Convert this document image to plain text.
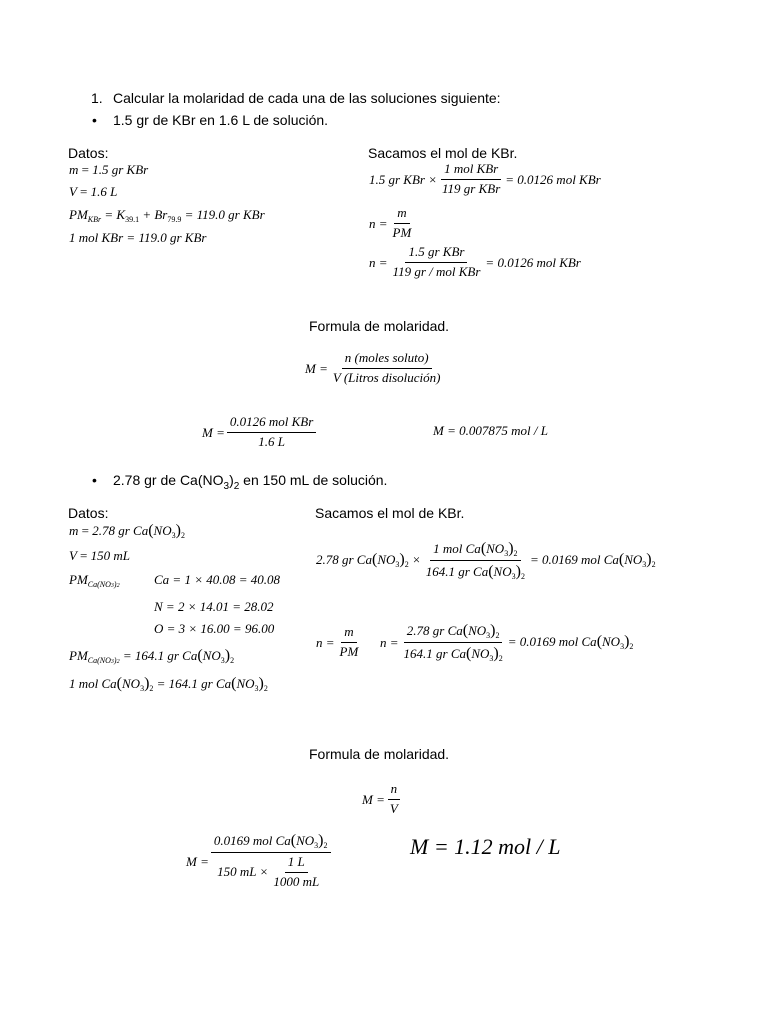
1. Calcular la molaridad de cada una de las soluciones siguiente:
• 1.5 gr de KBr en 1.6 L de solución.
Datos:
m = 1.5 gr KBr
V = 1.6 L
$PM_{KBr} = K_{39.1} + Br_{79.9} = 119.0$ gr KBr
1 mol KBr = 119.0 gr KBr
Sacamos el mol de KBr.
1.5 gr KBr × $\frac{\text{1 mol KBr}}{\text{119 gr KBr}} = 0.0126$ mol KBr
$n = \frac{m}{PM}$
$n = \frac{\text{1.5 gr KBr}}{\text{119 gr / mol KBr}} = 0.0126$ mol KBr
Formula de molaridad.
$M = \frac{\text{n (moles soluto)}}{\text{V (Litros disolución)}}$
$M = \frac{\text{0.0126 mol KBr}}{1.6 L}$	M = 0.007875 mol / L
• 2.78 gr de $Ca(NO_3)_2$ en 150 mL de solución.
Datos:
m = 2.78 gr $Ca(NO_3)_2$
V = 150 mL
$PM_{Ca(NO3)2}$	Ca = 1 × 40.08 = 40.08
N = 2 × 14.01 = 28.02
O = 3 × 16.00 = 96.00
$PM_{Ca(NO3)2} = 164.1$ gr $Ca(NO_3)_2$
1 mol $Ca(NO_3)_2 = 164.1$ gr $Ca(NO_3)_2$
Sacamos el mol de KBr.
2.78 gr $Ca(NO_3)_2 \times \frac{1 mol Ca(NO_3)_2}{164.1 gr Ca(NO_3)_2} = 0.0169$ mol $Ca(NO_3)_2$
$n = \frac{m}{PM}$ $n = \frac{2.78 gr Ca(NO_3)_2}{164.1 gr Ca(NO_3)_2} = 0.0169$ mol $Ca(NO_3)_2$
Formula de molaridad.
$M = \frac{n}{V}$
$M = \frac{0.0169 mol Ca(NO_3)_2}{150 mL \times \frac{1 L}{1000 mL}}$	M = 1.12 mol / L
